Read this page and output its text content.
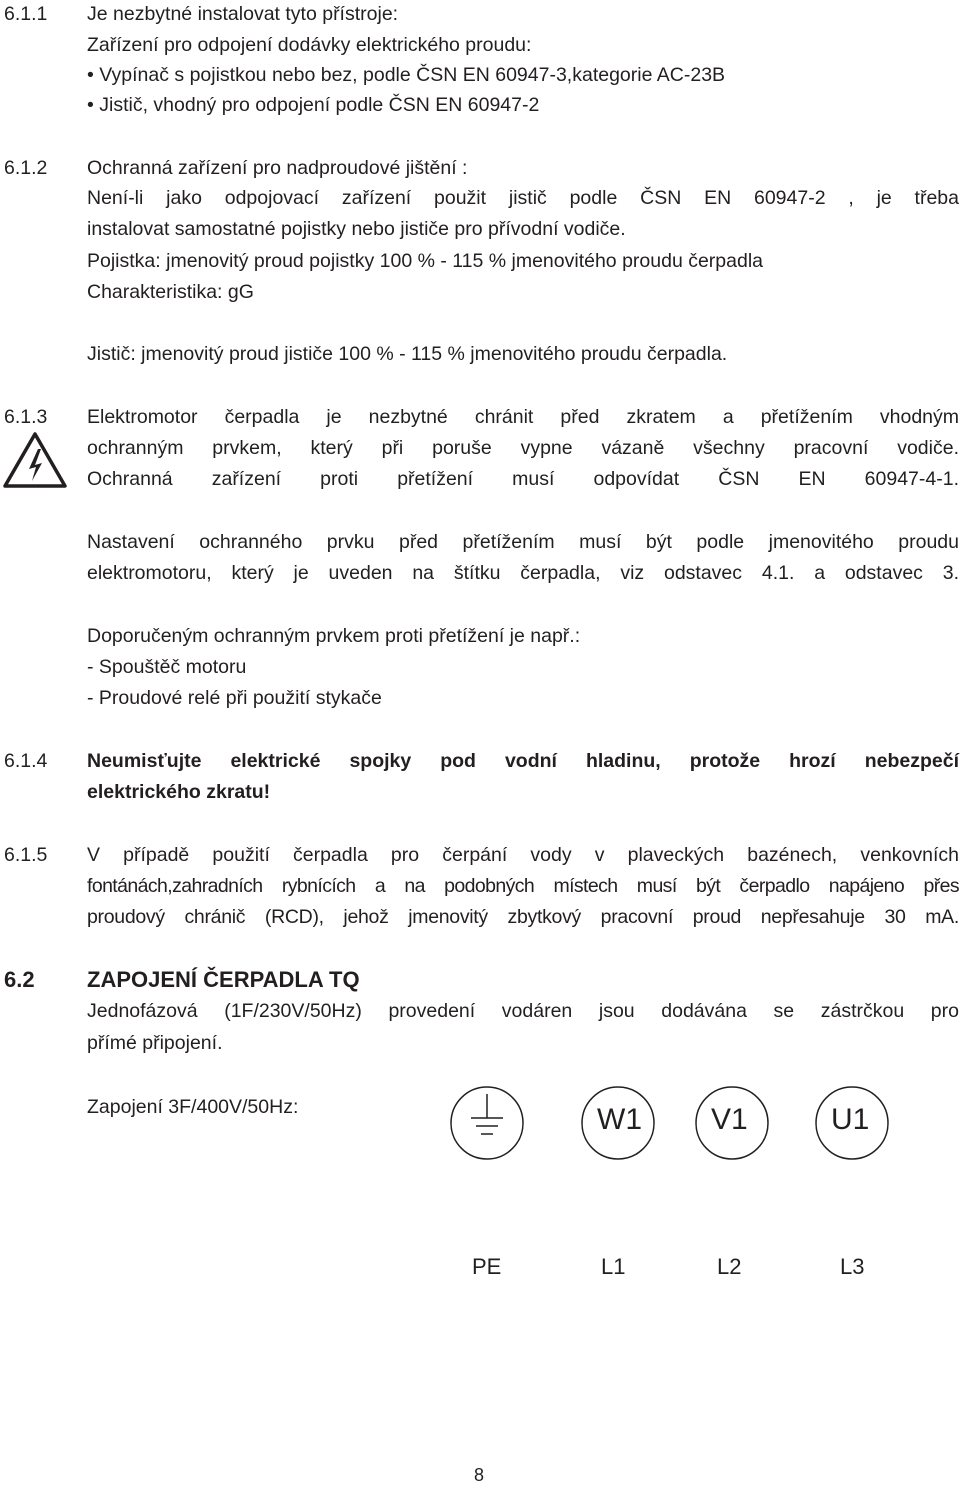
6.1.1 Je nezbytné instalovat tyto přístroje:
Zařízení pro odpojení dodávky elektrického proudu:
• Vypínač s pojistkou nebo bez, podle ČSN EN 60947-3,kategorie AC-23B
• Jistič, vhodný pro odpojení podle ČSN EN 60947-2
6.1.2 Ochranná zařízení pro nadproudové jištění :
Není-li jako odpojovací zařízení použit jistič podle ČSN EN 60947-2 , je třeba
instalovat samostatné pojistky nebo jističe pro přívodní vodiče.
Pojistka: jmenovitý proud pojistky 100 % - 115 % jmenovitého proudu čerpadla
Charakteristika: gG
Jistič: jmenovitý proud jističe 100 % - 115 % jmenovitého proudu čerpadla.
6.1.3 Elektromotor čerpadla je nezbytné chránit před zkratem a přetížením vhodným
ochranným prvkem, který při poruše vypne vázaně všechny pracovní vodiče.
Ochranná zařízení proti přetížení musí odpovídat ČSN EN 60947-4-1.
Nastavení ochranného prvku před přetížením musí být podle jmenovitého proudu
elektromotoru, který je uveden na štítku čerpadla, viz odstavec 4.1. a odstavec 3.
Doporučeným ochranným prvkem proti přetížení je např.:
- Spouštěč motoru
- Proudové relé při použití stykače
6.1.4 Neumisťujte elektrické spojky pod vodní hladinu, protože hrozí nebezpečí
elektrického zkratu!
6.1.5 V případě použití čerpadla pro čerpání vody v plaveckých bazénech, venkovních
fontánách,zahradních rybnících a na podobných místech musí být čerpadlo napájeno přes
proudový chránič (RCD), jehož jmenovitý zbytkový pracovní proud nepřesahuje 30 mA.
6.2 ZAPOJENÍ ČERPADLA TQ
Jednofázová (1F/230V/50Hz) provedení vodáren jsou dodávána se zástrčkou pro
přímé připojení.
Zapojení 3F/400V/50Hz:	W1 V1	U1
PE	L1	L2	L3
8
